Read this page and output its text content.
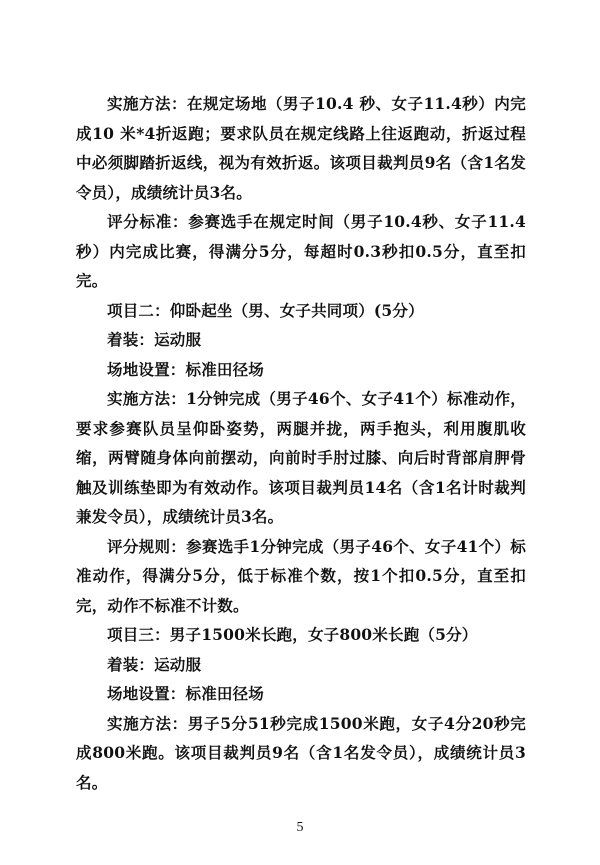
实施方法：在规定场地（男子10.4 秒、女子11.4秒）内完成10 米*4折返跑；要求队员在规定线路上往返跑动，折返过程中必须脚踏折返线，视为有效折返。该项目裁判员9名（含1名发令员），成绩统计员3名。

评分标准：参赛选手在规定时间（男子10.4秒、女子11.4秒）内完成比赛，得满分5分，每超时0.3秒扣0.5分，直至扣完。

项目二：仰卧起坐（男、女子共同项）(5分）

着装：运动服

场地设置：标准田径场

实施方法：1分钟完成（男子46个、女子41个）标准动作，要求参赛队员呈仰卧姿势，两腿并拢，两手抱头，利用腹肌收缩，两臂随身体向前摆动，向前时手肘过膝、向后时背部肩胛骨触及训练垫即为有效动作。该项目裁判员14名（含1名计时裁判兼发令员），成绩统计员3名。

评分规则：参赛选手1分钟完成（男子46个、女子41个）标准动作，得满分5分，低于标准个数，按1个扣0.5分，直至扣完，动作不标准不计数。

项目三：男子1500米长跑，女子800米长跑（5分）

着装：运动服

场地设置：标准田径场

实施方法：男子5分51秒完成1500米跑，女子4分20秒完成800米跑。该项目裁判员9名（含1名发令员），成绩统计员3名。

5
